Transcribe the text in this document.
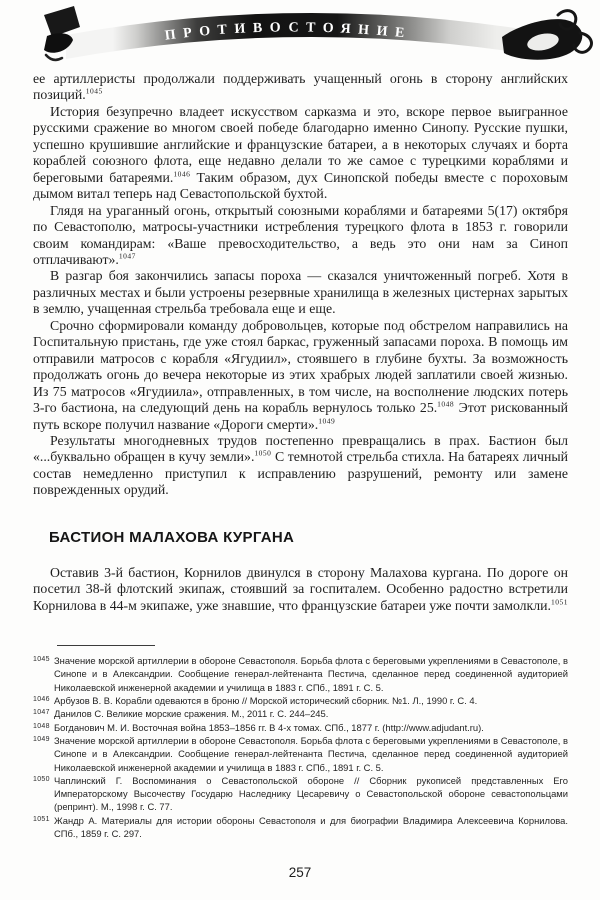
ПРОТИВОСТОЯНИЕ

ее артиллеристы продолжали поддерживать учащенный огонь в сторону английских позиций.$^{1045}$

История безупречно владеет искусством сарказма и это, вскоре первое выигранное русскими сражение во многом своей победе благодарно именно Синопу. Русские пушки, успешно крушившие английские и французские батареи, а в некоторых случаях и борта кораблей союзного флота, еще недавно делали то же самое с турецкими кораблями и береговыми батареями.$^{1046}$ Таким образом, дух Синопской победы вместе с пороховым дымом витал теперь над Севастопольской бухтой.

Глядя на ураганный огонь, открытый союзными кораблями и батареями 5(17) октября по Севастополю, матросы-участники истребления турецкого флота в 1853 г. говорили своим командирам: «Ваше превосходительство, а ведь это они нам за Синоп отплачивают».$^{1047}$

В разгар боя закончились запасы пороха — сказался уничтоженный погреб. Хотя в различных местах и были устроены резервные хранилища в железных цистернах зарытых в землю, учащенная стрельба требовала еще и еще.

Срочно сформировали команду добровольцев, которые под обстрелом направились на Госпитальную пристань, где уже стоял баркас, груженный запасами пороха. В помощь им отправили матросов с корабля «Ягудиил», стоявшего в глубине бухты. За возможность продолжать огонь до вечера некоторые из этих храбрых людей заплатили своей жизнью. Из 75 матросов «Ягудиила», отправленных, в том числе, на восполнение людских потерь 3-го бастиона, на следующий день на корабль вернулось только 25.$^{1048}$ Этот рискованный путь вскоре получил название «Дороги смерти».$^{1049}$

Результаты многодневных трудов постепенно превращались в прах. Бастион был «...буквально обращен в кучу земли».$^{1050}$ С темнотой стрельба стихла. На батареях личный состав немедленно приступил к исправлению разрушений, ремонту или замене поврежденных орудий.

БАСТИОН МАЛАХОВА КУРГАНА

Оставив 3-й бастион, Корнилов двинулся в сторону Малахова кургана. По дороге он посетил 38-й флотский экипаж, стоявший за госпиталем. Особенно радостно встретили Корнилова в 44-м экипаже, уже знавшие, что французские батареи уже почти замолкли.$^{1051}$

1045 Значение морской артиллерии в обороне Севастополя. Борьба флота с береговыми укреплениями в Севастополе, в Синопе и в Александрии. Сообщение генерал-лейтенанта Пестича, сделанное перед соединенной аудиторией Николаевской инженерной академии и училища в 1883 г. СПб., 1891 г. С. 5.

1046 Арбузов В. В. Корабли одеваются в броню // Морской исторический сборник. №1. Л., 1990 г. С. 4.

1047 Данилов С. Великие морские сражения. М., 2011 г. С. 244–245.

1048 Богданович М. И. Восточная война 1853–1856 гг. В 4-х томах. СПб., 1877 г. (http://www.adjudant.ru).

1049 Значение морской артиллерии в обороне Севастополя. Борьба флота с береговыми укреплениями в Севастополе, в Синопе и в Александрии. Сообщение генерал-лейтенанта Пестича, сделанное перед соединенной аудиторией Николаевской инженерной академии и училища в 1883 г. СПб., 1891 г. С. 5.

1050 Чаплинский Г. Воспоминания о Севастопольской обороне // Сборник рукописей представленных Его Императорскому Высочеству Государю Наследнику Цесаревичу о Севастопольской обороне севастопольцами (репринт). М., 1998 г. С. 77.

1051 Жандр А. Материалы для истории обороны Севастополя и для биографии Владимира Алексеевича Корнилова. СПб., 1859 г. С. 297.

257
